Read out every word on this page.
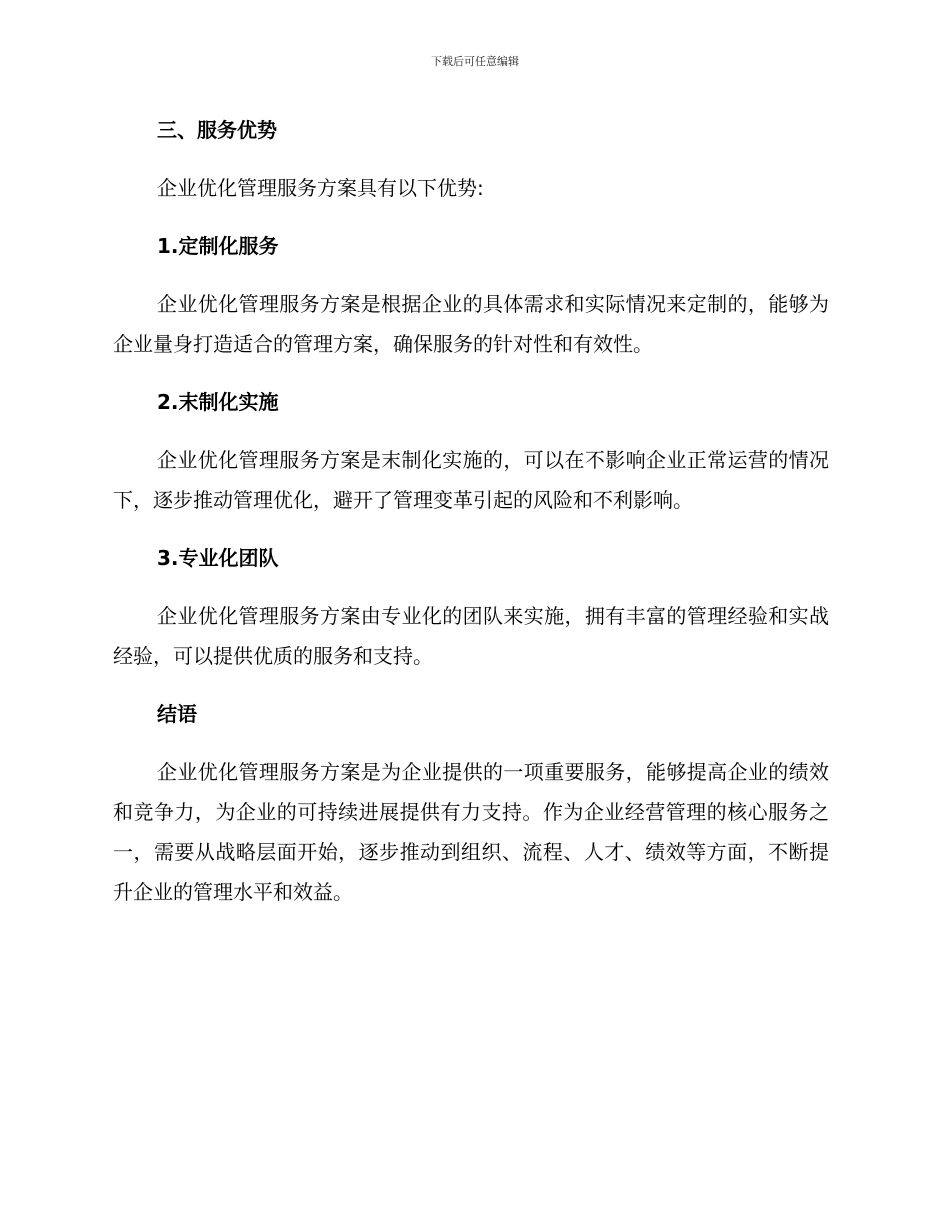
下载后可任意编辑
三、服务优势

企业优化管理服务方案具有以下优势:

1.定制化服务

企业优化管理服务方案是根据企业的具体需求和实际情况来定制的，能够为企业量身打造适合的管理方案，确保服务的针对性和有效性。

2.末制化实施

企业优化管理服务方案是末制化实施的，可以在不影响企业正常运营的情况下，逐步推动管理优化，避开了管理变革引起的风险和不利影响。

3.专业化团队

企业优化管理服务方案由专业化的团队来实施，拥有丰富的管理经验和实战经验，可以提供优质的服务和支持。

结语

企业优化管理服务方案是为企业提供的一项重要服务，能够提高企业的绩效和竞争力，为企业的可持续进展提供有力支持。作为企业经营管理的核心服务之一，需要从战略层面开始，逐步推动到组织、流程、人才、绩效等方面，不断提升企业的管理水平和效益。
